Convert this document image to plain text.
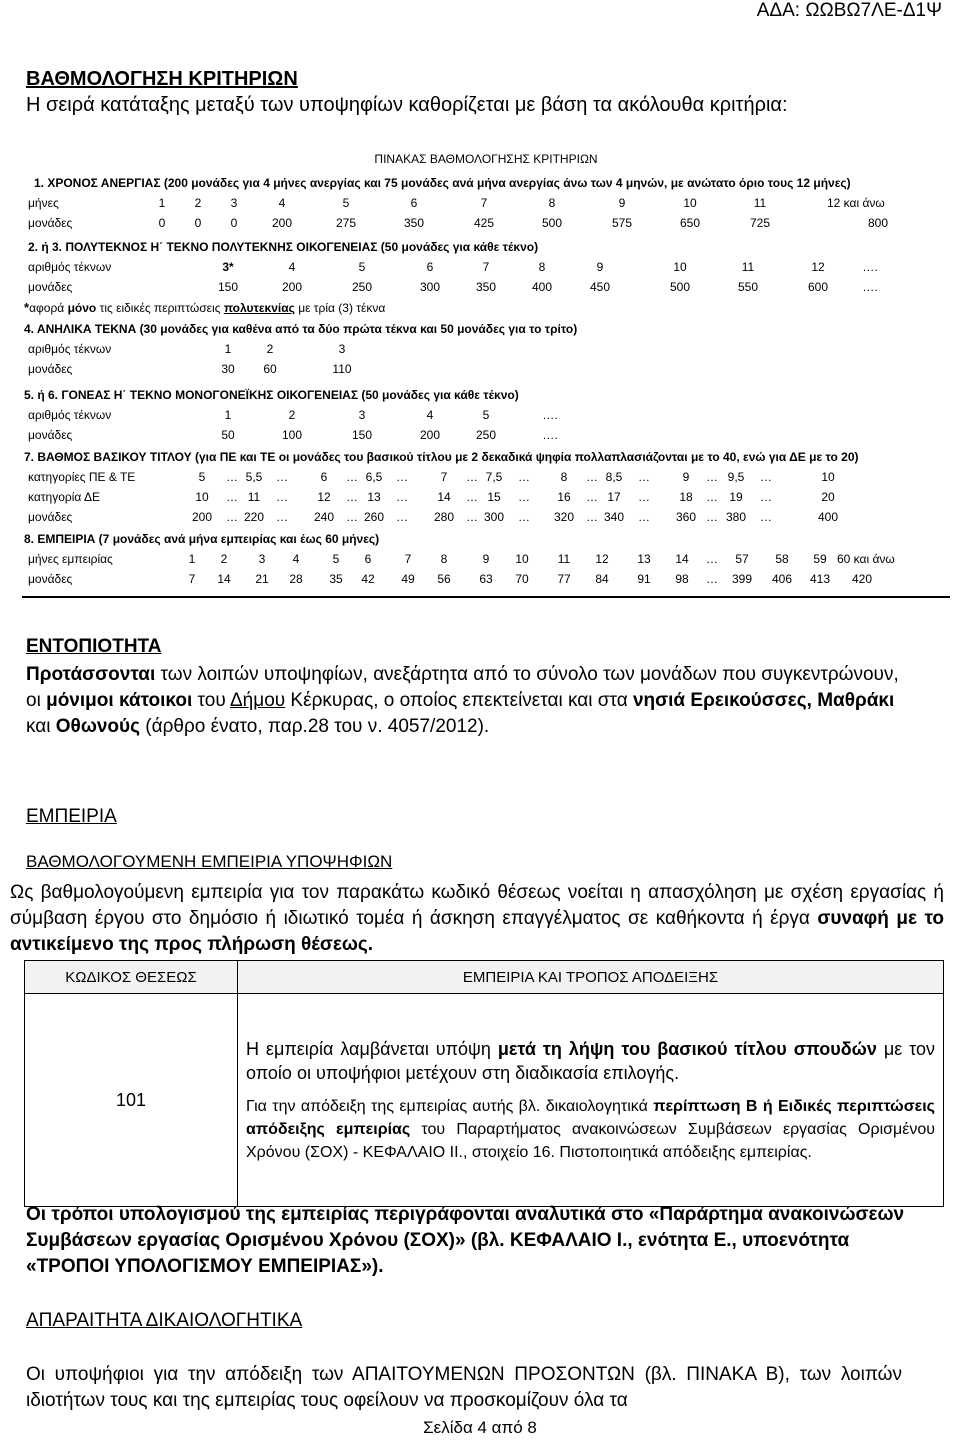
ΑΔΑ: ΩΩΒΩ7ΛΕ-Δ1Ψ
ΒΑΘΜΟΛΟΓΗΣΗ ΚΡΙΤΗΡΙΩΝ
Η σειρά κατάταξης μεταξύ των υποψηφίων καθορίζεται με βάση τα ακόλουθα κριτήρια:
ΠΙΝΑΚΑΣ ΒΑΘΜΟΛΟΓΗΣΗΣ ΚΡΙΤΗΡΙΩΝ
1. ΧΡΟΝΟΣ ΑΝΕΡΓΙΑΣ (200 μονάδες για 4 μήνες ανεργίας και 75 μονάδες ανά μήνα ανεργίας άνω των 4 μηνών, με ανώτατο όριο τους 12 μήνες)
μήνες	1	2	3	4	5	6	7	8	9	10	11	12 και άνω
μονάδες	0	0	0	200	275	350	425	500	575	650	725	800
2. ή 3. ΠΟΛΥΤΕΚΝΟΣ Η΄ ΤΕΚΝΟ ΠΟΛΥΤΕΚΝΗΣ ΟΙΚΟΓΕΝΕΙΑΣ (50 μονάδες για κάθε τέκνο)
αριθμός τέκνων	3*	4	5	6	7	8	9	10	11	12	….
μονάδες	150	200	250	300	350	400	450	500	550	600	….
*αφορά μόνο τις ειδικές περιπτώσεις πολυτεκνίας με τρία (3) τέκνα
4. ΑΝΗΛΙΚΑ ΤΕΚΝΑ (30 μονάδες για καθένα από τα δύο πρώτα τέκνα και 50 μονάδες για το τρίτο)
αριθμός τέκνων	1	2	3
μονάδες	30	60	110
5. ή 6. ΓΟΝΕΑΣ Η΄ ΤΕΚΝΟ ΜΟΝΟΓΟΝΕΪΚΗΣ ΟΙΚΟΓΕΝΕΙΑΣ (50 μονάδες για κάθε τέκνο)
αριθμός τέκνων	1	2	3	4	5	….
μονάδες	50	100	150	200	250	….
7. ΒΑΘΜΟΣ ΒΑΣΙΚΟΥ ΤΙΤΛΟΥ (για ΠΕ και ΤΕ οι μονάδες του βασικού τίτλου με 2 δεκαδικά ψηφία πολλαπλασιάζονται με το 40, ενώ για ΔΕ με το 20)
κατηγορίες ΠΕ & ΤΕ	5	… 5,5	…	6	… 6,5	…	7	… 7,5	…	8	… 8,5	…	9	… 9,5	…	10
κατηγορία ΔΕ	10	… 11	…	12	… 13	…	14	… 15	…	16	… 17	…	18	… 19	…	20
μονάδες	200	… 220 …	240 … 260 …	280 … 300	…	320 … 340	…	360 … 380	…	400
8. ΕΜΠΕΙΡΙΑ (7 μονάδες ανά μήνα εμπειρίας και έως 60 μήνες)
μήνες εμπειρίας	1	2	3	4	5	6	7	8	9	10	11	12	13	14	…	57	58	59 60 και άνω
μονάδες	7	14	21	28	35	42	49	56	63	70	77	84	91	98	…	399	406	413	420
ΕΝΤΟΠΙΟΤΗΤΑ
Προτάσσονται των λοιπών υποψηφίων, ανεξάρτητα από το σύνολο των μονάδων που συγκεντρώνουν, οι μόνιμοι κάτοικοι του Δήμου Κέρκυρας, ο οποίος επεκτείνεται και στα νησιά Ερεικούσσες, Μαθράκι και Οθωνούς (άρθρο ένατο, παρ.28 του ν. 4057/2012).
ΕΜΠΕΙΡΙΑ
ΒΑΘΜΟΛΟΓΟΥΜΕΝΗ ΕΜΠΕΙΡΙΑ ΥΠΟΨΗΦΙΩΝ
Ως βαθμολογούμενη εμπειρία για τον παρακάτω κωδικό θέσεως νοείται η απασχόληση με σχέση εργασίας ή σύμβαση έργου στο δημόσιο ή ιδιωτικό τομέα ή άσκηση επαγγέλματος σε καθήκοντα ή έργα συναφή με το αντικείμενο της προς πλήρωση θέσεως.
ΚΩΔΙΚΟΣ ΘΕΣΕΩΣ	ΕΜΠΕΙΡΙΑ ΚΑΙ ΤΡΟΠΟΣ ΑΠΟΔΕΙΞΗΣ
101	Η εμπειρία λαμβάνεται υπόψη μετά τη λήψη του βασικού τίτλου σπουδών με τον οποίο οι υποψήφιοι μετέχουν στη διαδικασία επιλογής.
Για την απόδειξη της εμπειρίας αυτής βλ. δικαιολογητικά περίπτωση Β ή Ειδικές περιπτώσεις απόδειξης εμπειρίας του Παραρτήματος ανακοινώσεων Συμβάσεων εργασίας Ορισμένου Χρόνου (ΣΟΧ) - ΚΕΦΑΛΑΙΟ ΙΙ., στοιχείο 16. Πιστοποιητικά απόδειξης εμπειρίας.
Οι τρόποι υπολογισμού της εμπειρίας περιγράφονται αναλυτικά στο «Παράρτημα ανακοινώσεων Συμβάσεων εργασίας Ορισμένου Χρόνου (ΣΟΧ)» (βλ. ΚΕΦΑΛΑΙΟ Ι., ενότητα Ε., υποενότητα «ΤΡΟΠΟΙ ΥΠΟΛΟΓΙΣΜΟΥ ΕΜΠΕΙΡΙΑΣ»).
ΑΠΑΡΑΙΤΗΤΑ ΔΙΚΑΙΟΛΟΓΗΤΙΚΑ
Οι υποψήφιοι για την απόδειξη των ΑΠΑΙΤΟΥΜΕΝΩΝ ΠΡΟΣΟΝΤΩΝ (βλ. ΠΙΝΑΚΑ Β), των λοιπών ιδιοτήτων τους και της εμπειρίας τους οφείλουν να προσκομίζουν όλα τα
Σελίδα 4 από 8
